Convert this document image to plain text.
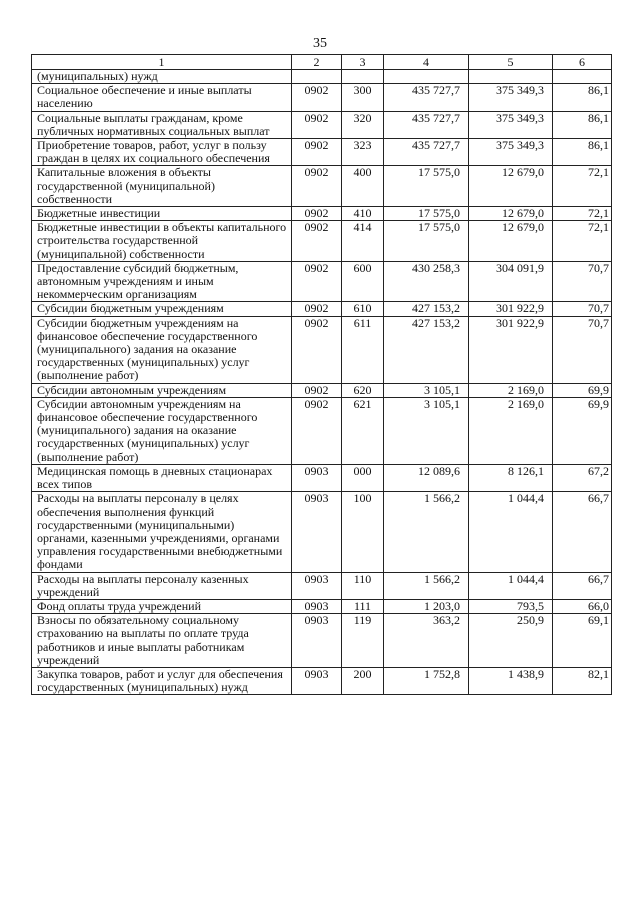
35
1	2	3	4	5	6
(муниципальных) нужд					
Социальное обеспечение и иные выплаты населению	0902	300	435 727,7	375 349,3	86,1
Социальные выплаты гражданам, кроме публичных нормативных социальных выплат	0902	320	435 727,7	375 349,3	86,1
Приобретение товаров, работ, услуг в пользу граждан в целях их социального обеспечения	0902	323	435 727,7	375 349,3	86,1
Капитальные вложения в объекты государственной (муниципальной) собственности	0902	400	17 575,0	12 679,0	72,1
Бюджетные инвестиции	0902	410	17 575,0	12 679,0	72,1
Бюджетные инвестиции в объекты капитального строительства государственной (муниципальной) собственности	0902	414	17 575,0	12 679,0	72,1
Предоставление субсидий бюджетным, автономным учреждениям и иным некоммерческим организациям	0902	600	430 258,3	304 091,9	70,7
Субсидии бюджетным учреждениям	0902	610	427 153,2	301 922,9	70,7
Субсидии бюджетным учреждениям на финансовое обеспечение государственного (муниципального) задания на оказание государственных (муниципальных) услуг (выполнение работ)	0902	611	427 153,2	301 922,9	70,7
Субсидии автономным учреждениям	0902	620	3 105,1	2 169,0	69,9
Субсидии автономным учреждениям на финансовое обеспечение государственного (муниципального) задания на оказание государственных (муниципальных) услуг (выполнение работ)	0902	621	3 105,1	2 169,0	69,9
Медицинская помощь в дневных стационарах всех типов	0903	000	12 089,6	8 126,1	67,2
Расходы на выплаты персоналу в целях обеспечения выполнения функций государственными (муниципальными) органами, казенными учреждениями, органами управления государственными внебюджетными фондами	0903	100	1 566,2	1 044,4	66,7
Расходы на выплаты персоналу казенных учреждений	0903	110	1 566,2	1 044,4	66,7
Фонд оплаты труда учреждений	0903	111	1 203,0	793,5	66,0
Взносы по обязательному социальному страхованию на выплаты по оплате труда работников и иные выплаты работникам учреждений	0903	119	363,2	250,9	69,1
Закупка товаров, работ и услуг для обеспечения государственных (муниципальных) нужд	0903	200	1 752,8	1 438,9	82,1
